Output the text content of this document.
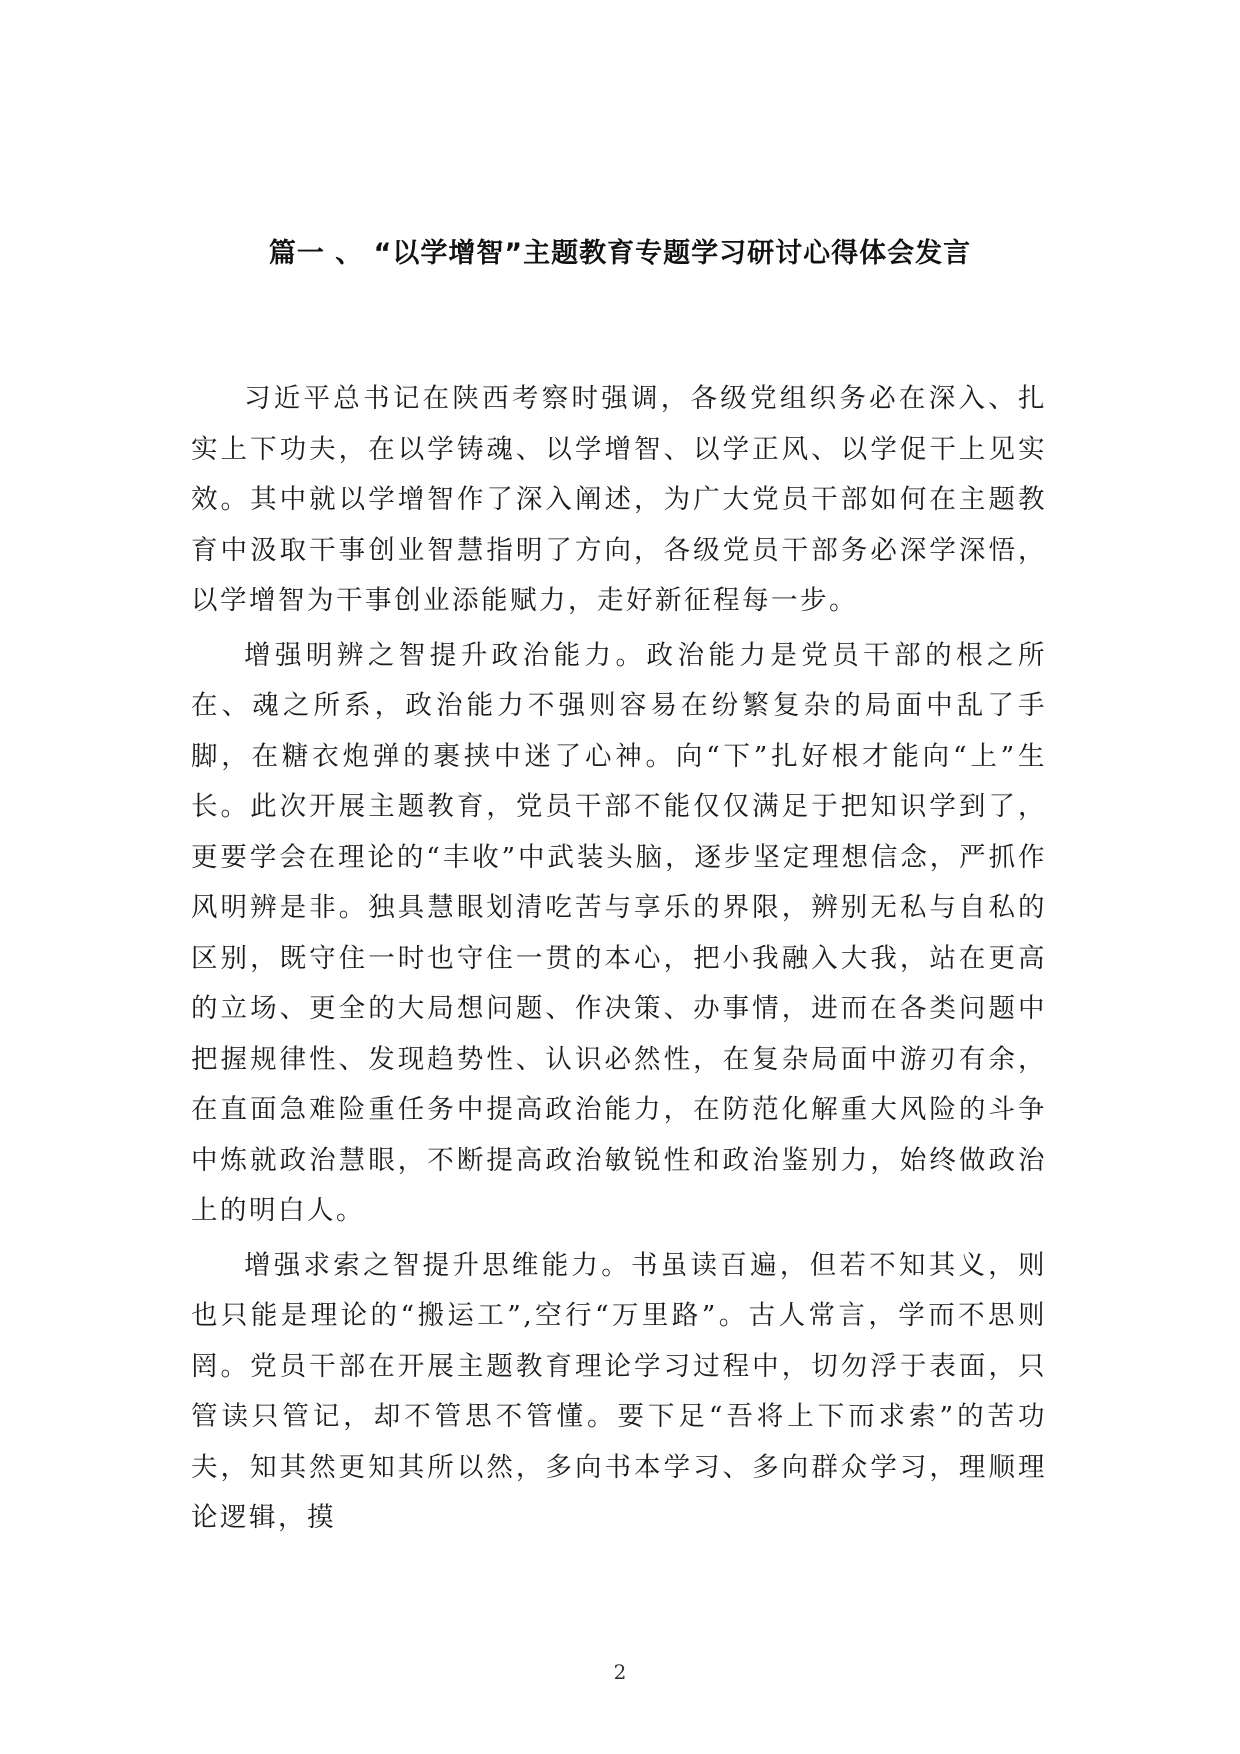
篇一 、 “以学增智”主题教育专题学习研讨心得体会发言

习近平总书记在陕西考察时强调，各级党组织务必在深入、扎实上下功夫，在以学铸魂、以学增智、以学正风、以学促干上见实效。其中就以学增智作了深入阐述，为广大党员干部如何在主题教育中汲取干事创业智慧指明了方向，各级党员干部务必深学深悟，以学增智为干事创业添能赋力，走好新征程每一步。

增强明辨之智提升政治能力。政治能力是党员干部的根之所在、魂之所系，政治能力不强则容易在纷繁复杂的局面中乱了手脚，在糖衣炮弹的裹挟中迷了心神。向“下”扎好根才能向“上”生长。此次开展主题教育，党员干部不能仅仅满足于把知识学到了，更要学会在理论的“丰收”中武装头脑，逐步坚定理想信念，严抓作风明辨是非。独具慧眼划清吃苦与享乐的界限，辨别无私与自私的区别，既守住一时也守住一贯的本心，把小我融入大我，站在更高的立场、更全的大局想问题、作决策、办事情，进而在各类问题中把握规律性、发现趋势性、认识必然性，在复杂局面中游刃有余，在直面急难险重任务中提高政治能力，在防范化解重大风险的斗争中炼就政治慧眼，不断提高政治敏锐性和政治鉴别力，始终做政治上的明白人。

增强求索之智提升思维能力。书虽读百遍，但若不知其义，则也只能是理论的“搬运工”,空行“万里路”。古人常言，学而不思则罔。党员干部在开展主题教育理论学习过程中，切勿浮于表面，只管读只管记，却不管思不管懂。要下足“吾将上下而求索”的苦功夫，知其然更知其所以然，多向书本学习、多向群众学习，理顺理论逻辑，摸

2
